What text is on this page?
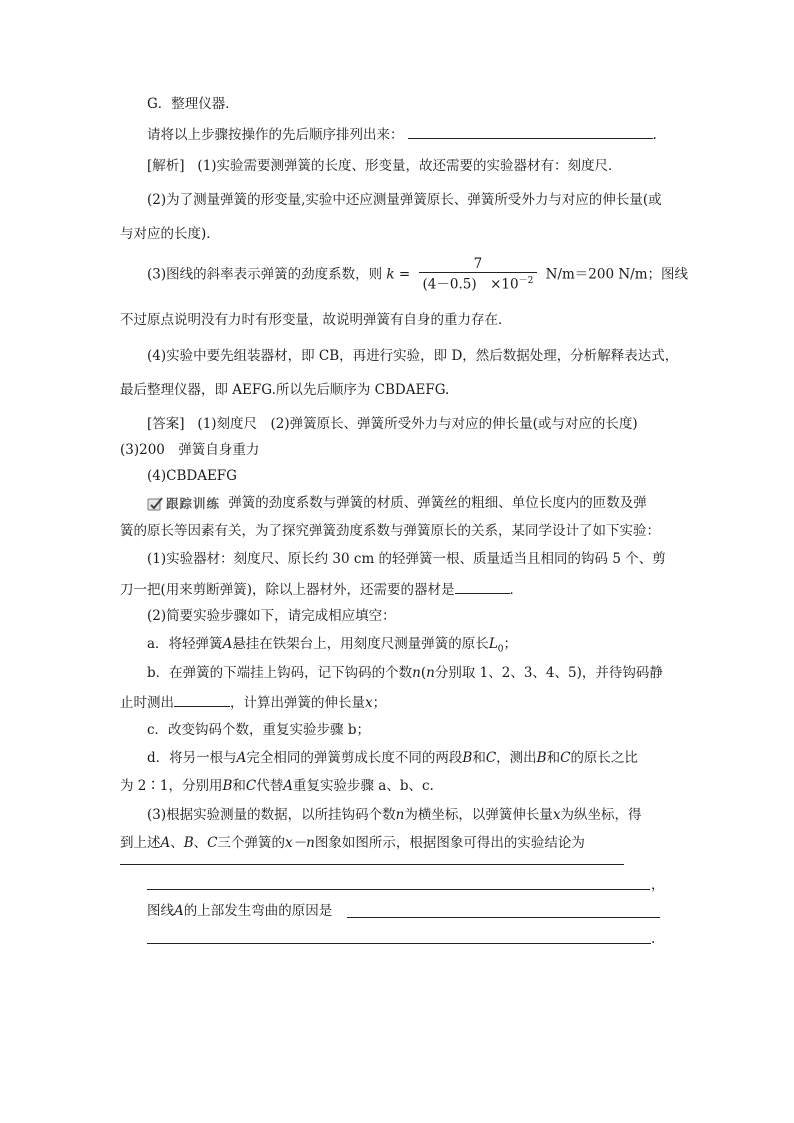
G．整理仪器．
请将以上步骤按操作的先后顺序排列出来：	.
[解析] (1)实验需要测弹簧的长度、形变量，故还需要的实验器材有：刻度尺．
(2)为了测量弹簧的形变量,实验中还应测量弹簧原长、弹簧所受外力与对应的伸长量(或
与对应的长度)．
(3)图线的斜率表示弹簧的劲度系数，则 $k = \frac{7}{(4-0.5) \times 10^{-2}} N/m=200$ N/m；图线
不过原点说明没有力时有形变量，故说明弹簧有自身的重力存在．
(4)实验中要先组装器材，即 CB，再进行实验，即 D，然后数据处理，分析解释表达式，
最后整理仪器，即 AEFG.所以先后顺序为 CBDAEFG.
[答案] (1)刻度尺　(2)弹簧原长、弹簧所受外力与对应的伸长量(或与对应的长度)
(3)200　弹簧自身重力
(4)CBDAEFG
跟踪训练 弹簧的劲度系数与弹簧的材质、弹簧丝的粗细、单位长度内的匝数及弹
簧的原长等因素有关，为了探究弹簧劲度系数与弹簧原长的关系，某同学设计了如下实验：
(1)实验器材：刻度尺、原长约 30 cm 的轻弹簧一根、质量适当且相同的钩码 5 个、剪
刀一把(用来剪断弹簧)，除以上器材外，还需要的器材是	．
(2)简要实验步骤如下，请完成相应填空：
a．将轻弹簧A悬挂在铁架台上，用刻度尺测量弹簧的原长$L_0$；
b．在弹簧的下端挂上钩码，记下钩码的个数n(n分别取 1、2、3、4、5)，并待钩码静
止时测出	，计算出弹簧的伸长量x；
c．改变钩码个数，重复实验步骤 b；
d．将另一根与A完全相同的弹簧剪成长度不同的两段B和C，测出B和C的原长之比
为 2∶1，分别用B和C代替A重复实验步骤 a、b、c.
(3)根据实验测量的数据，以所挂钩码个数n为横坐标，以弹簧伸长量x为纵坐标，得
到上述A、B、C三个弹簧的x－n图象如图所示，根据图象可得出的实验结论为
，
图线A的上部发生弯曲的原因是
.
